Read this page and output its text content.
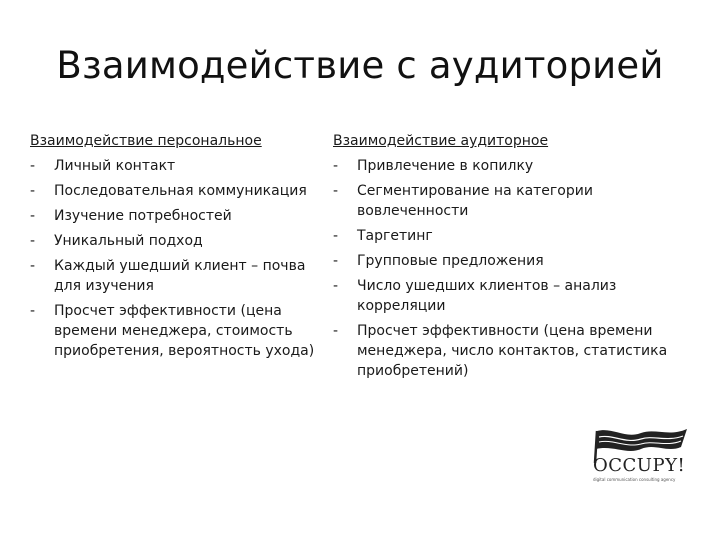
Взаимодействие с аудиторией
Взаимодействие персональное
- Личный контакт
- Последовательная коммуникация
- Изучение потребностей
- Уникальный подход
- Каждый ушедший клиент – почва для изучения
- Просчет эффективности (цена времени менеджера, стоимость приобретения, вероятность ухода)
Взаимодействие аудиторное
- Привлечение в копилку
- Сегментирование на категории вовлеченности
- Таргетинг
- Групповые предложения
- Число ушедших клиентов – анализ корреляции
- Просчет эффективности (цена времени менеджера, число контактов, статистика приобретений)
OCCUPY!
digital communication consulting agency
